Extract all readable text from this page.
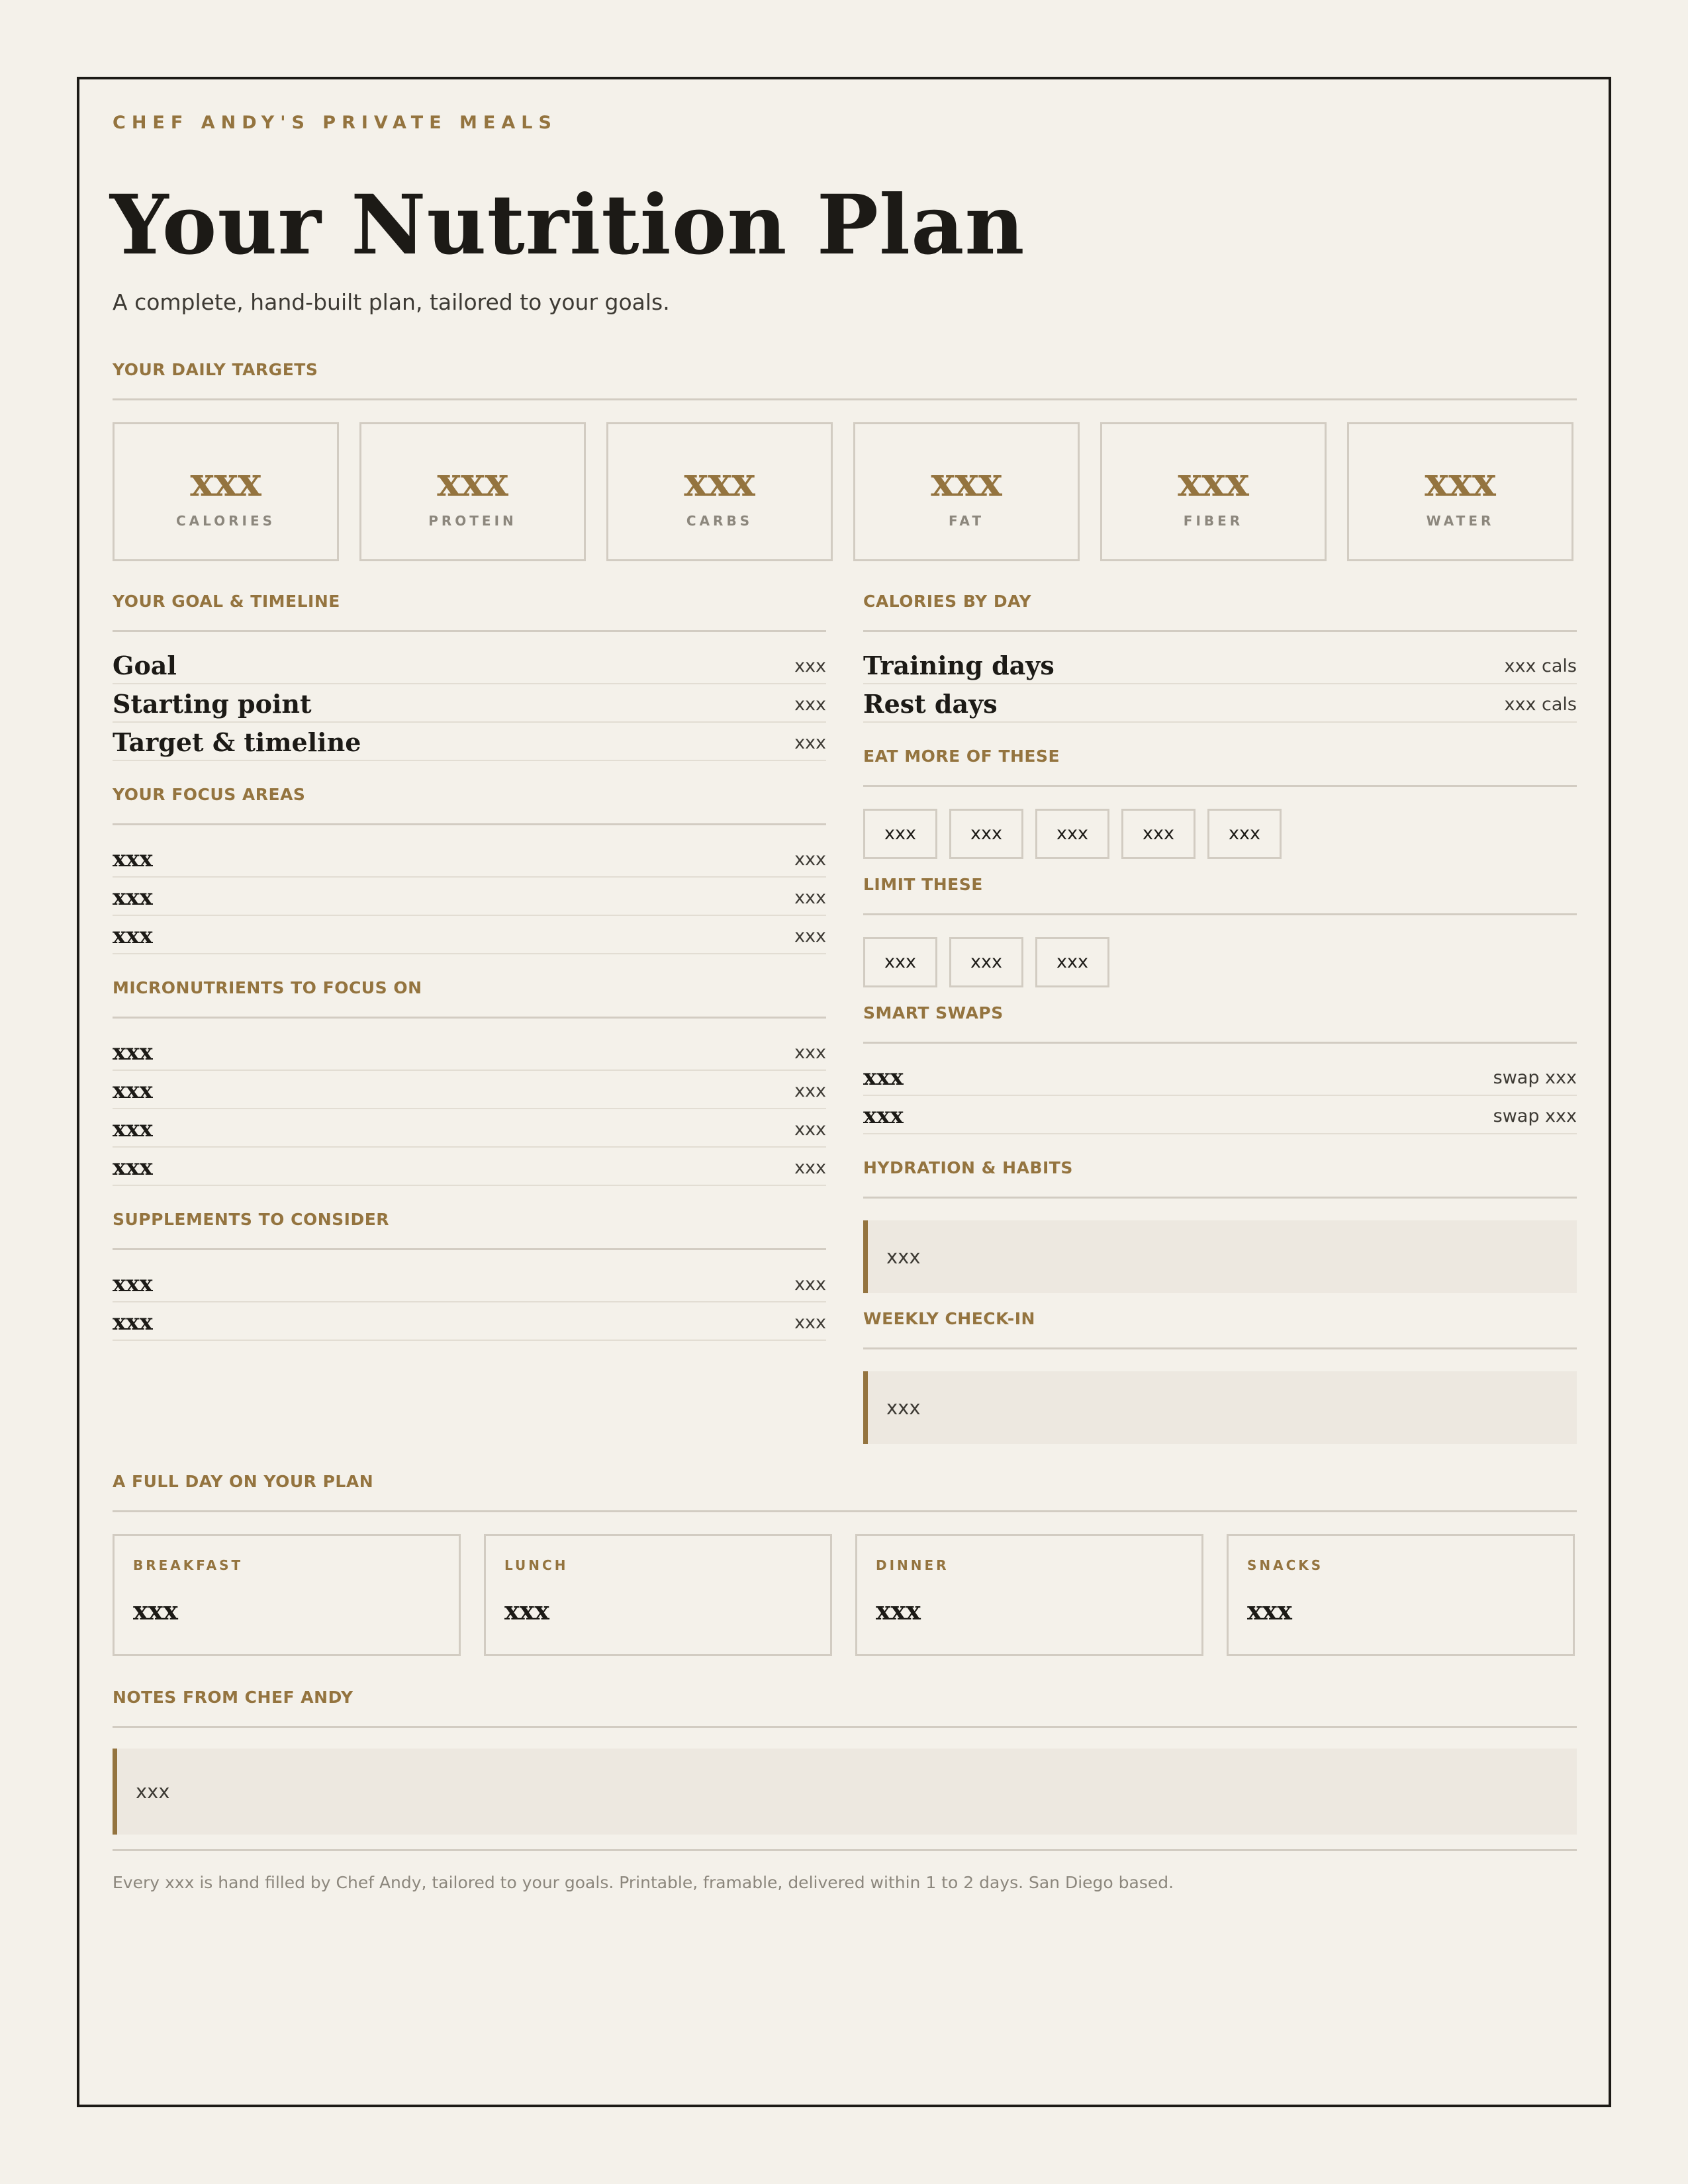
CHEF ANDY'S PRIVATE MEALS
Your Nutrition Plan
A complete, hand-built plan, tailored to your goals.
YOUR DAILY TARGETS
xxx
CALORIES
xxx
PROTEIN
xxx
CARBS
xxx
FAT
xxx
FIBER
xxx
WATER
YOUR GOAL & TIMELINE
Goal	xxx
Starting point	xxx
Target & timeline	xxx
YOUR FOCUS AREAS
xxx	xxx
xxx	xxx
xxx	xxx
MICRONUTRIENTS TO FOCUS ON
xxx	xxx
xxx	xxx
xxx	xxx
xxx	xxx
SUPPLEMENTS TO CONSIDER
xxx	xxx
xxx	xxx
CALORIES BY DAY
Training days	xxx cals
Rest days	xxx cals
EAT MORE OF THESE
xxx	xxx	xxx	xxx	xxx
LIMIT THESE
xxx	xxx	xxx
SMART SWAPS
xxx	swap xxx
xxx	swap xxx
HYDRATION & HABITS
xxx
WEEKLY CHECK-IN
xxx
A FULL DAY ON YOUR PLAN
BREAKFAST
xxx
LUNCH
xxx
DINNER
xxx
SNACKS
xxx
NOTES FROM CHEF ANDY
xxx
Every xxx is hand filled by Chef Andy, tailored to your goals. Printable, framable, delivered within 1 to 2 days. San Diego based.
